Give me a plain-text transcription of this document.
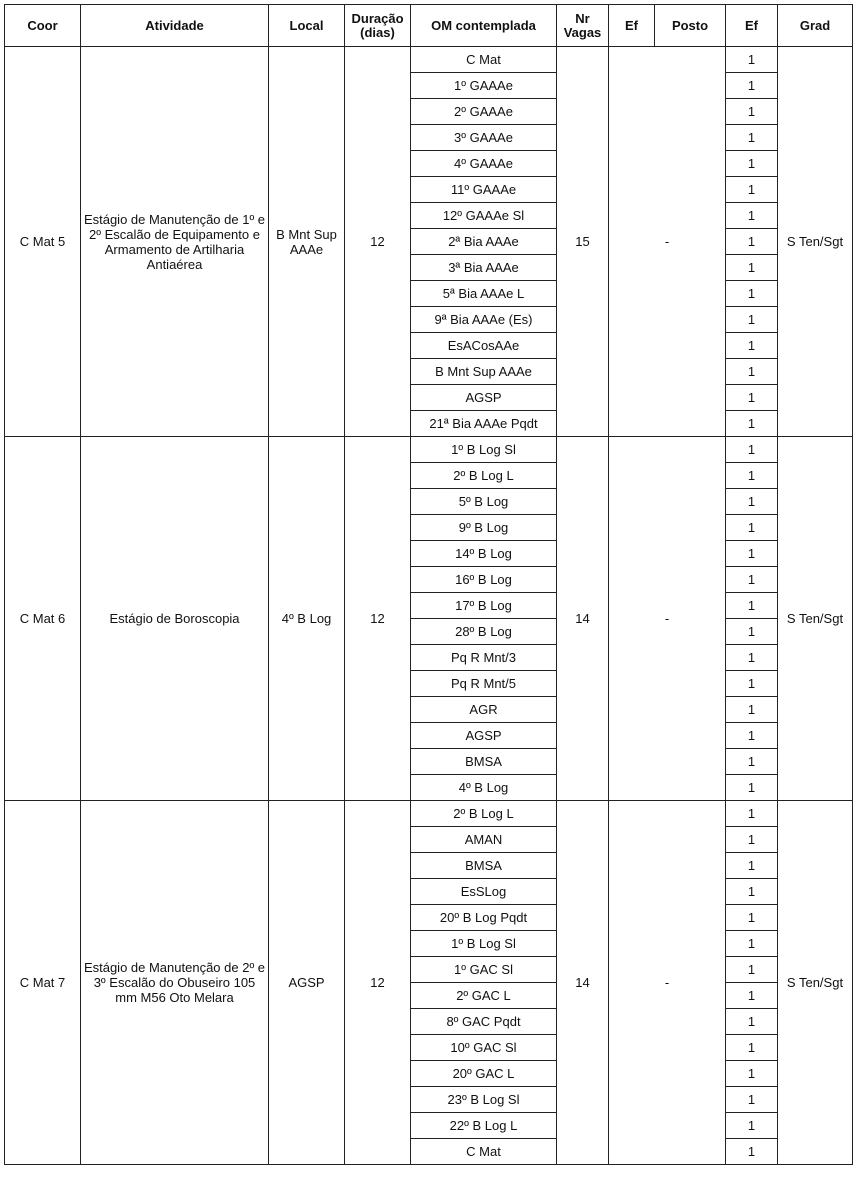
Coor	Atividade	Local	Duração (dias)	OM contemplada	Nr Vagas	Ef	Posto	Ef	Grad
C Mat 5	Estágio de Manutenção de 1º e 2º Escalão de Equipamento e Armamento de Artilharia Antiaérea	B Mnt Sup AAAe	12	C Mat	15	-		1	S Ten/Sgt
				1º GAAAe				1	
				2º GAAAe				1	
				3º GAAAe				1	
				4º GAAAe				1	
				11º GAAAe				1	
				12º GAAAe Sl				1	
				2ª Bia AAAe				1	
				3ª Bia AAAe				1	
				5ª Bia AAAe L				1	
				9ª Bia AAAe (Es)				1	
				EsACosAAe				1	
				B Mnt Sup AAAe				1	
				AGSP				1	
				21ª Bia AAAe Pqdt				1	
C Mat 6	Estágio de Boroscopia	4º B Log	12	1º B Log Sl	14	-		1	S Ten/Sgt
				2º B Log L				1	
				5º B Log				1	
				9º B Log				1	
				14º B Log				1	
				16º B Log				1	
				17º B Log				1	
				28º B Log				1	
				Pq R Mnt/3				1	
				Pq R Mnt/5				1	
				AGR				1	
				AGSP				1	
				BMSA				1	
				4º B Log				1	
C Mat 7	Estágio de Manutenção de 2º e 3º Escalão do Obuseiro 105 mm M56 Oto Melara	AGSP	12	2º B Log L	14	-		1	S Ten/Sgt
				AMAN				1	
				BMSA				1	
				EsSLog				1	
				20º B Log Pqdt				1	
				1º B Log Sl				1	
				1º GAC Sl				1	
				2º GAC L				1	
				8º GAC Pqdt				1	
				10º GAC Sl				1	
				20º GAC L				1	
				23º B Log Sl				1	
				22º B Log L				1	
				C Mat				1	
